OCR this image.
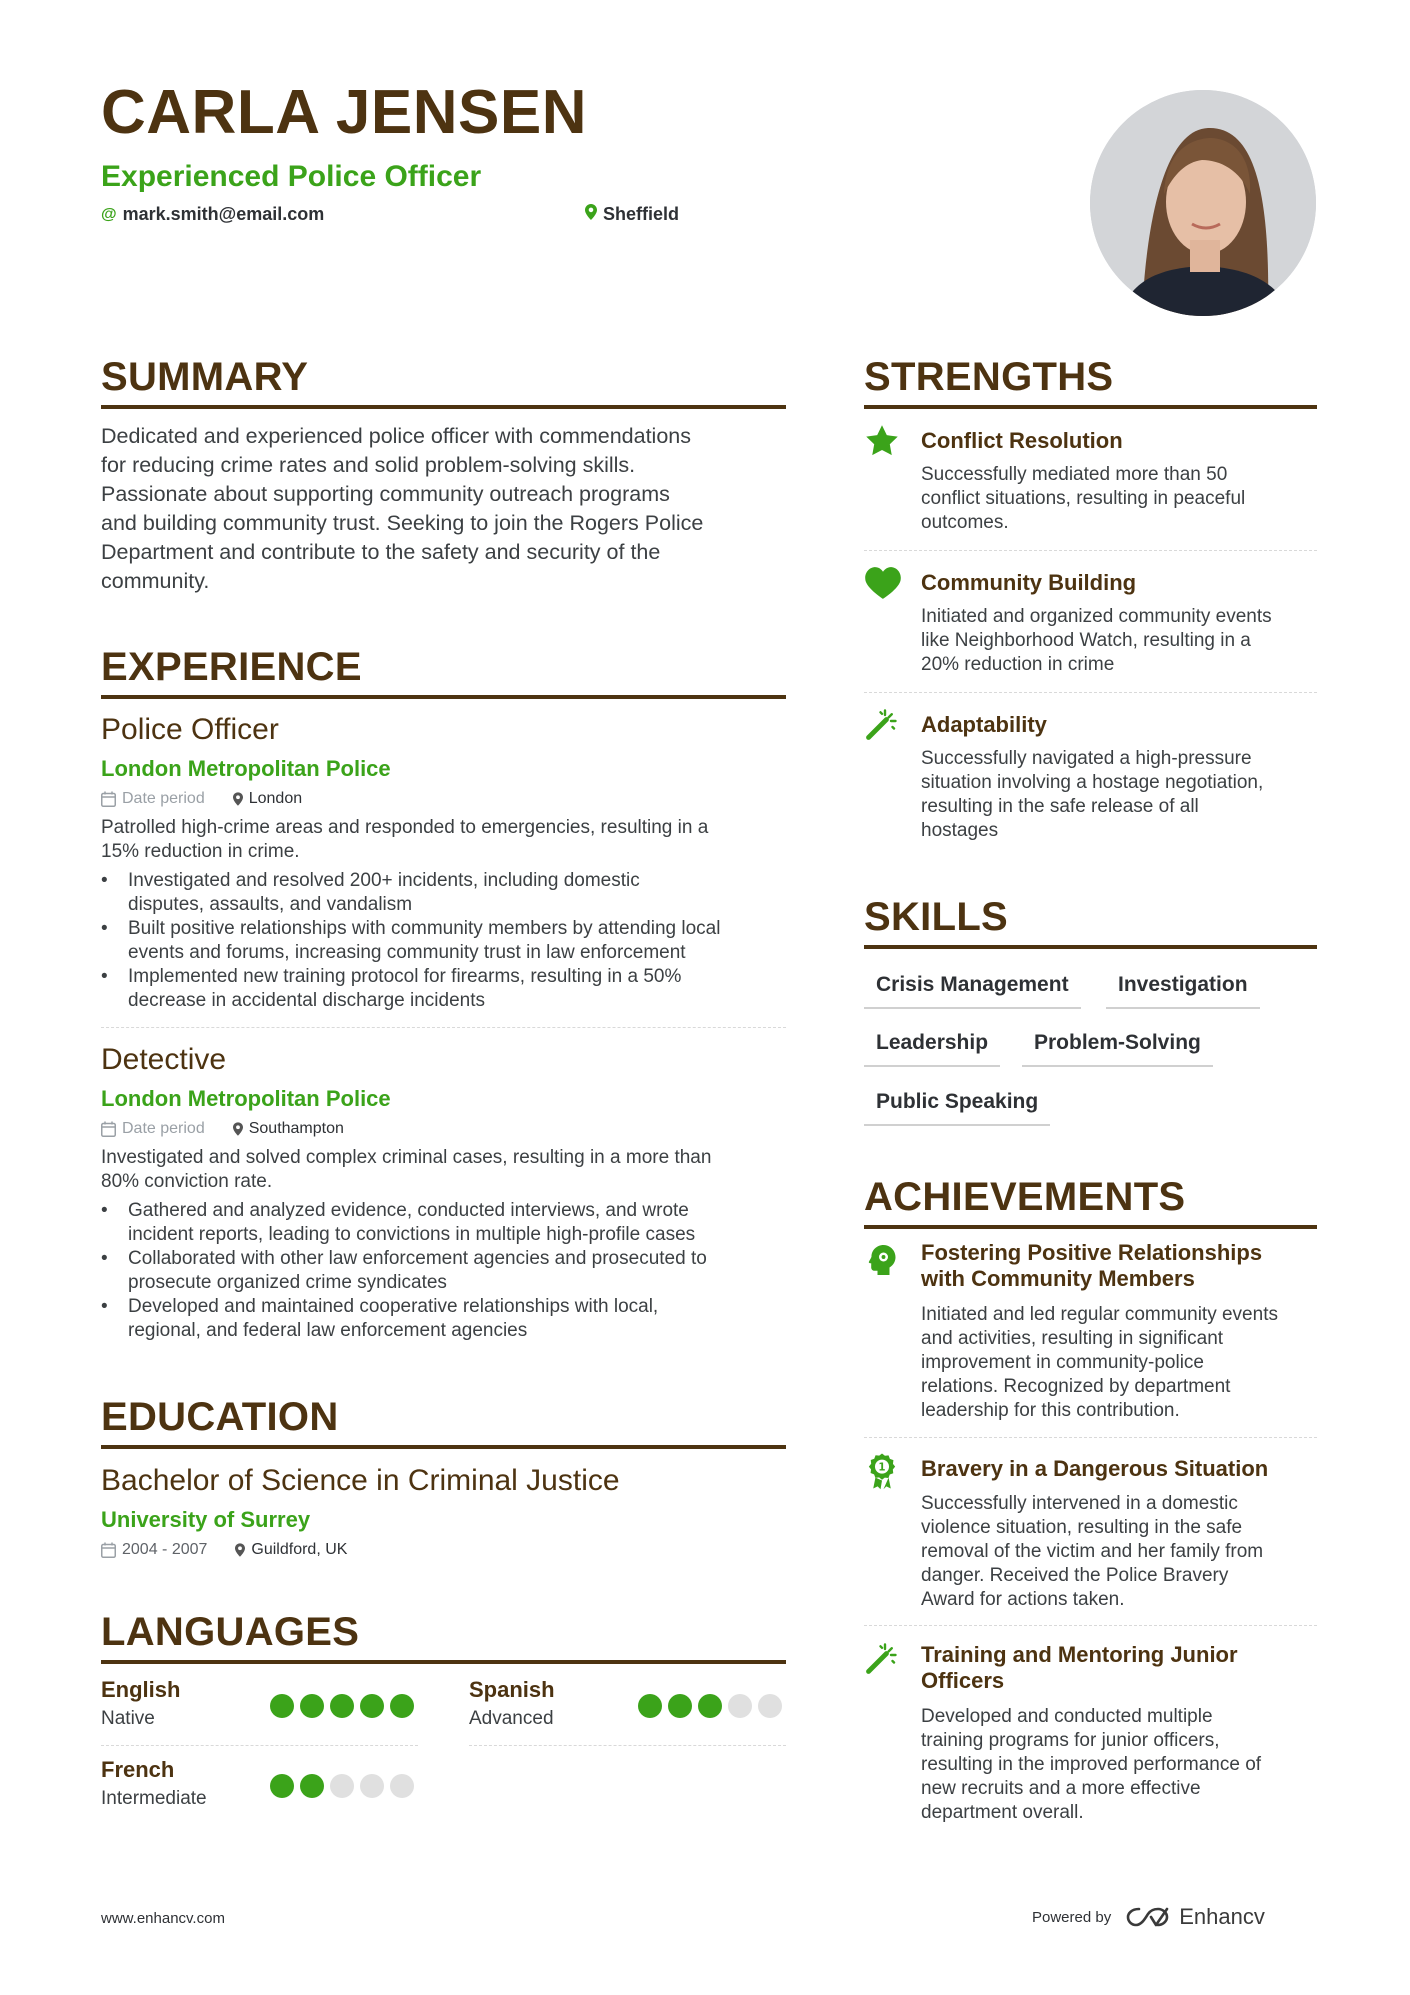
CARLA JENSEN
Experienced Police Officer
@ mark.smith@email.com	Sheffield
SUMMARY
Dedicated and experienced police officer with commendations
for reducing crime rates and solid problem-solving skills.
Passionate about supporting community outreach programs
and building community trust. Seeking to join the Rogers Police
Department and contribute to the safety and security of the
community.
EXPERIENCE
Police Officer
London Metropolitan Police
Date period	London
Patrolled high-crime areas and responded to emergencies, resulting in a
15% reduction in crime.
• Investigated and resolved 200+ incidents, including domestic
disputes, assaults, and vandalism
• Built positive relationships with community members by attending local
events and forums, increasing community trust in law enforcement
• Implemented new training protocol for firearms, resulting in a 50%
decrease in accidental discharge incidents
Detective
London Metropolitan Police
Date period	Southampton
Investigated and solved complex criminal cases, resulting in a more than
80% conviction rate.
• Gathered and analyzed evidence, conducted interviews, and wrote
incident reports, leading to convictions in multiple high-profile cases
• Collaborated with other law enforcement agencies and prosecuted to
prosecute organized crime syndicates
• Developed and maintained cooperative relationships with local,
regional, and federal law enforcement agencies
EDUCATION
Bachelor of Science in Criminal Justice
University of Surrey
2004 - 2007	Guildford, UK
LANGUAGES
English
Native
Spanish
Advanced
French
Intermediate
STRENGTHS
Conflict Resolution
Successfully mediated more than 50
conflict situations, resulting in peaceful
outcomes.
Community Building
Initiated and organized community events
like Neighborhood Watch, resulting in a
20% reduction in crime
Adaptability
Successfully navigated a high-pressure
situation involving a hostage negotiation,
resulting in the safe release of all
hostages
SKILLS
Crisis Management	Investigation
Leadership	Problem-Solving
Public Speaking
ACHIEVEMENTS
Fostering Positive Relationships
with Community Members
Initiated and led regular community events
and activities, resulting in significant
improvement in community-police
relations. Recognized by department
leadership for this contribution.
1 Bravery in a Dangerous Situation
Successfully intervened in a domestic
violence situation, resulting in the safe
removal of the victim and her family from
danger. Received the Police Bravery
Award for actions taken.
Training and Mentoring Junior
Officers
Developed and conducted multiple
training programs for junior officers,
resulting in the improved performance of
new recruits and a more effective
department overall.
www.enhancv.com	Powered by	Enhancv
